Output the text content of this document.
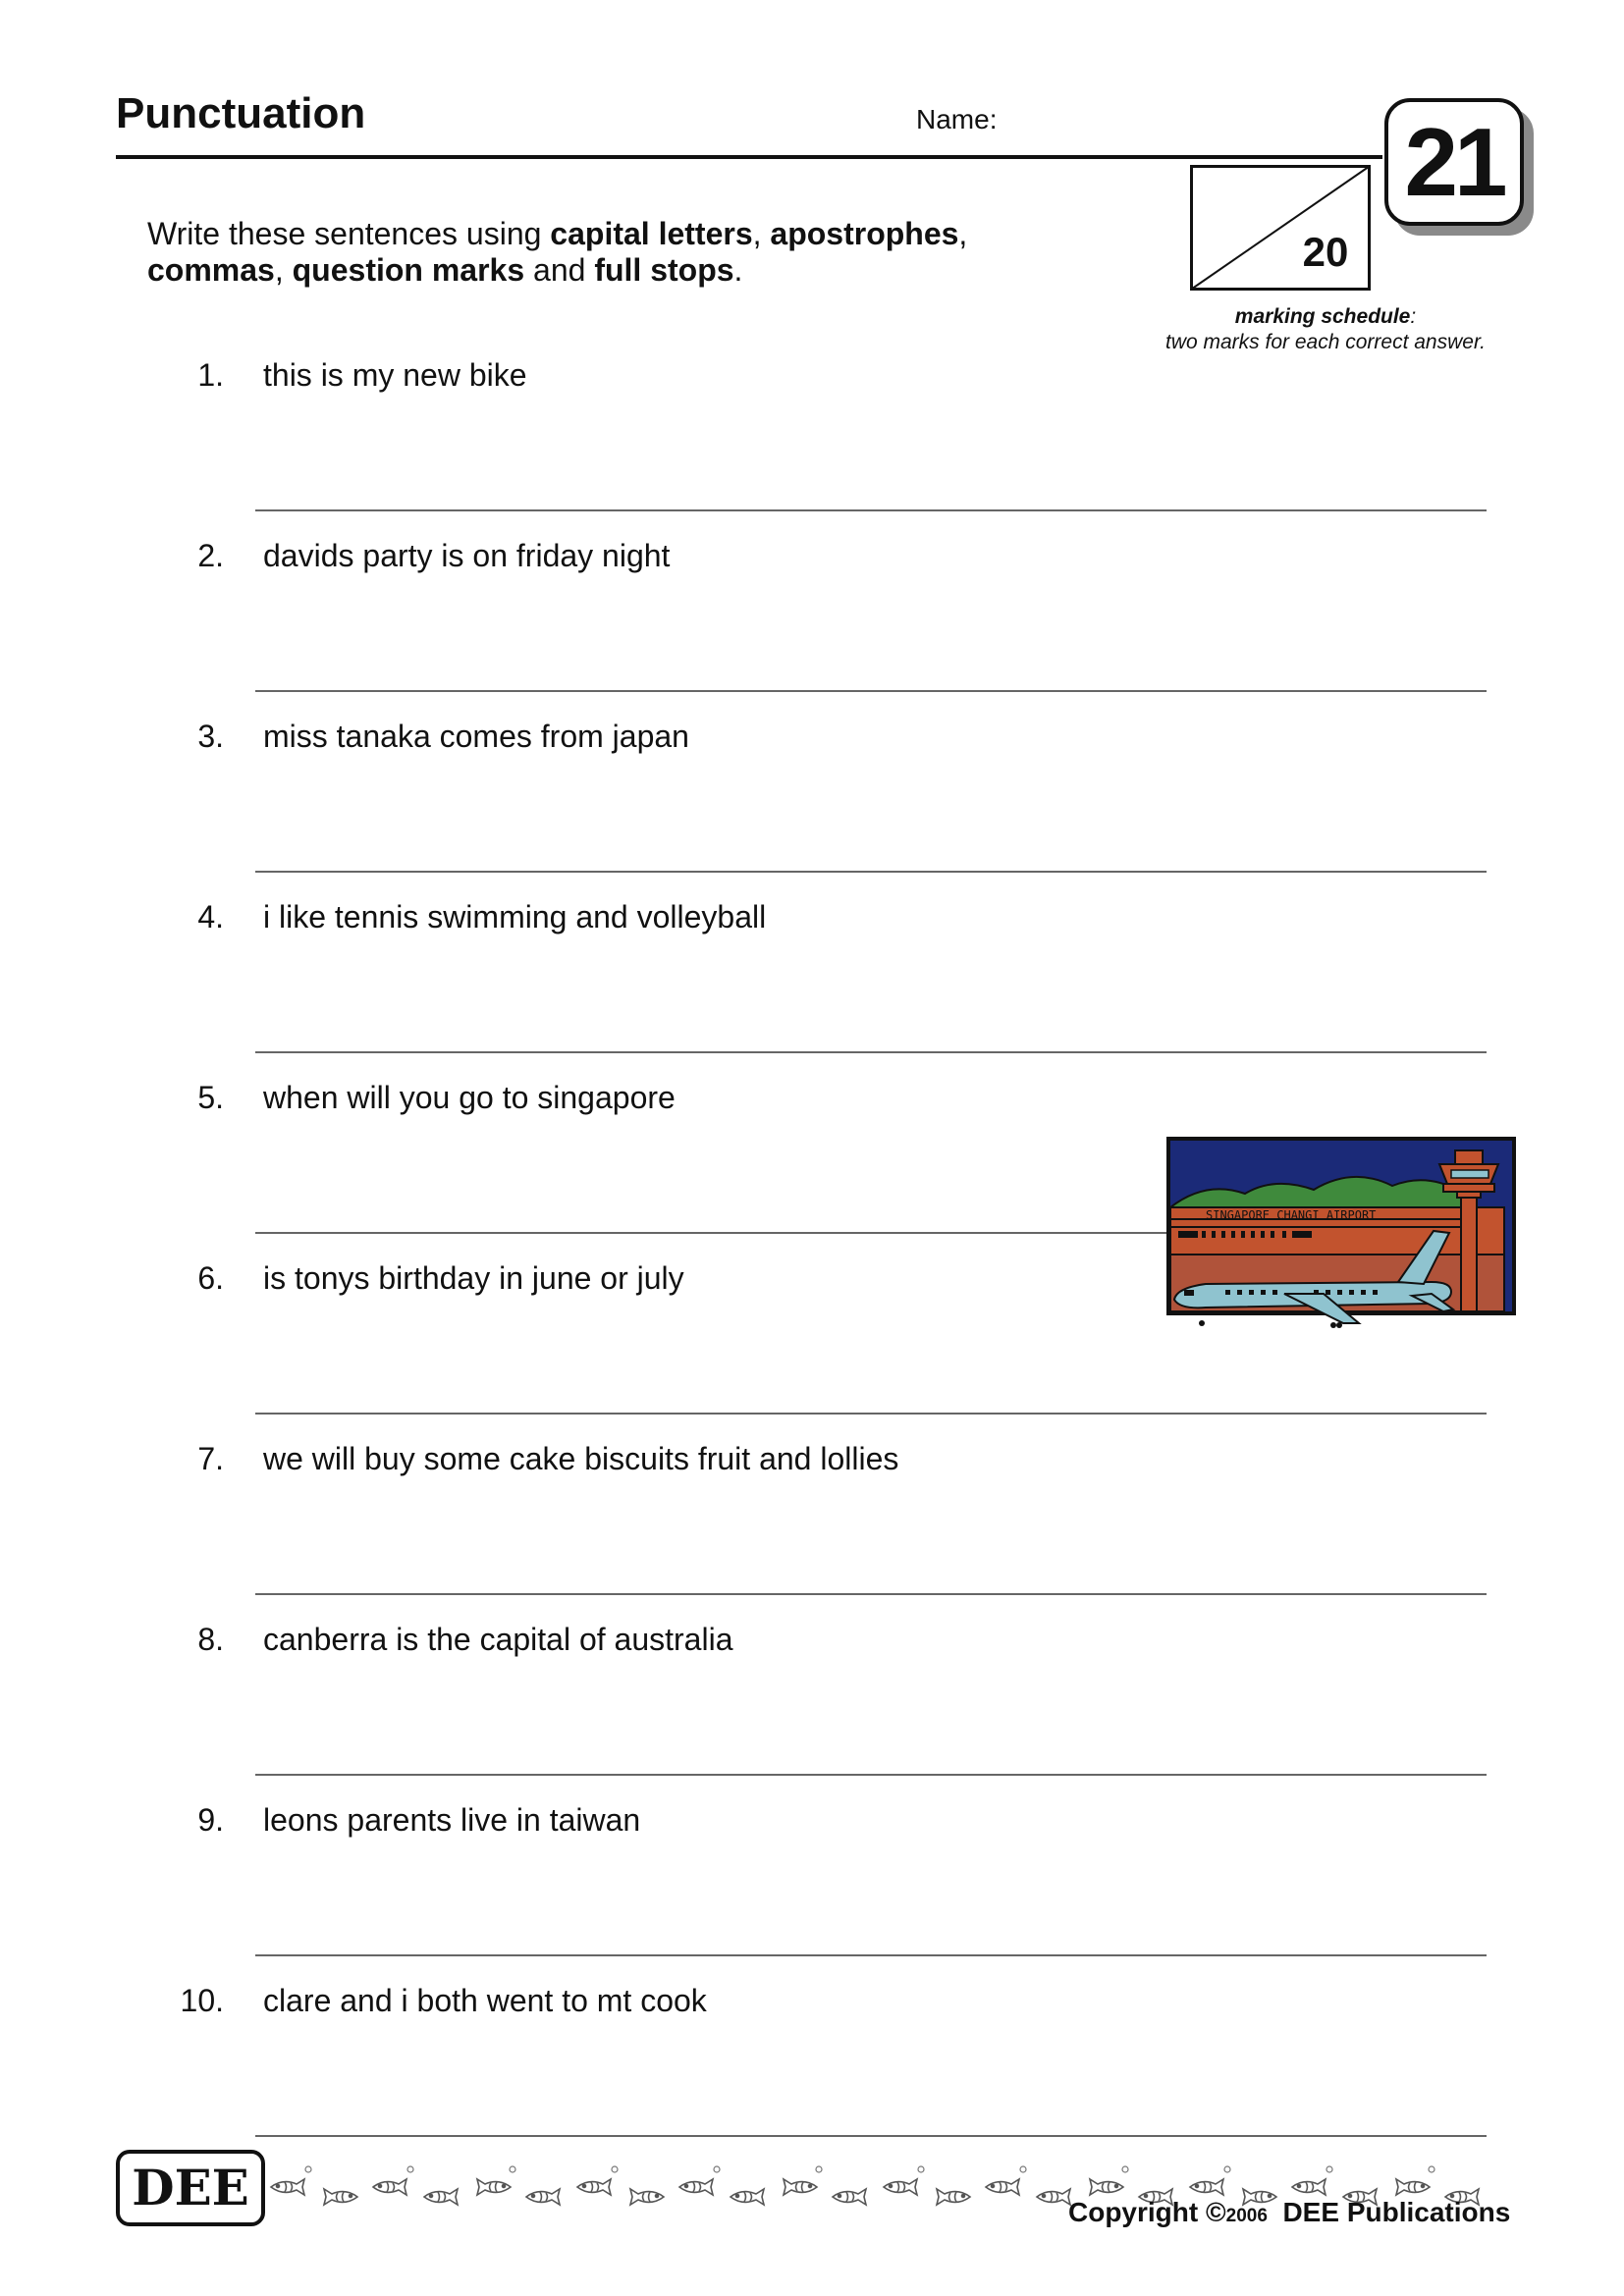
Punctuation	Name:	21
20
marking schedule:
two marks for each correct answer.
Write these sentences using capital letters, apostrophes,
commas, question marks and full stops.
1. this is my new bike
2. davids party is on friday night
3. miss tanaka comes from japan
4. i like tennis swimming and volleyball
5. when will you go to singapore
6. is tonys birthday in june or july
7. we will buy some cake biscuits fruit and lollies
8. canberra is the capital of australia
9. leons parents live in taiwan
10. clare and i both went to mt cook
SINGAPORE CHANGI AIRPORT
DEE	Copyright ©2006  DEE Publications
